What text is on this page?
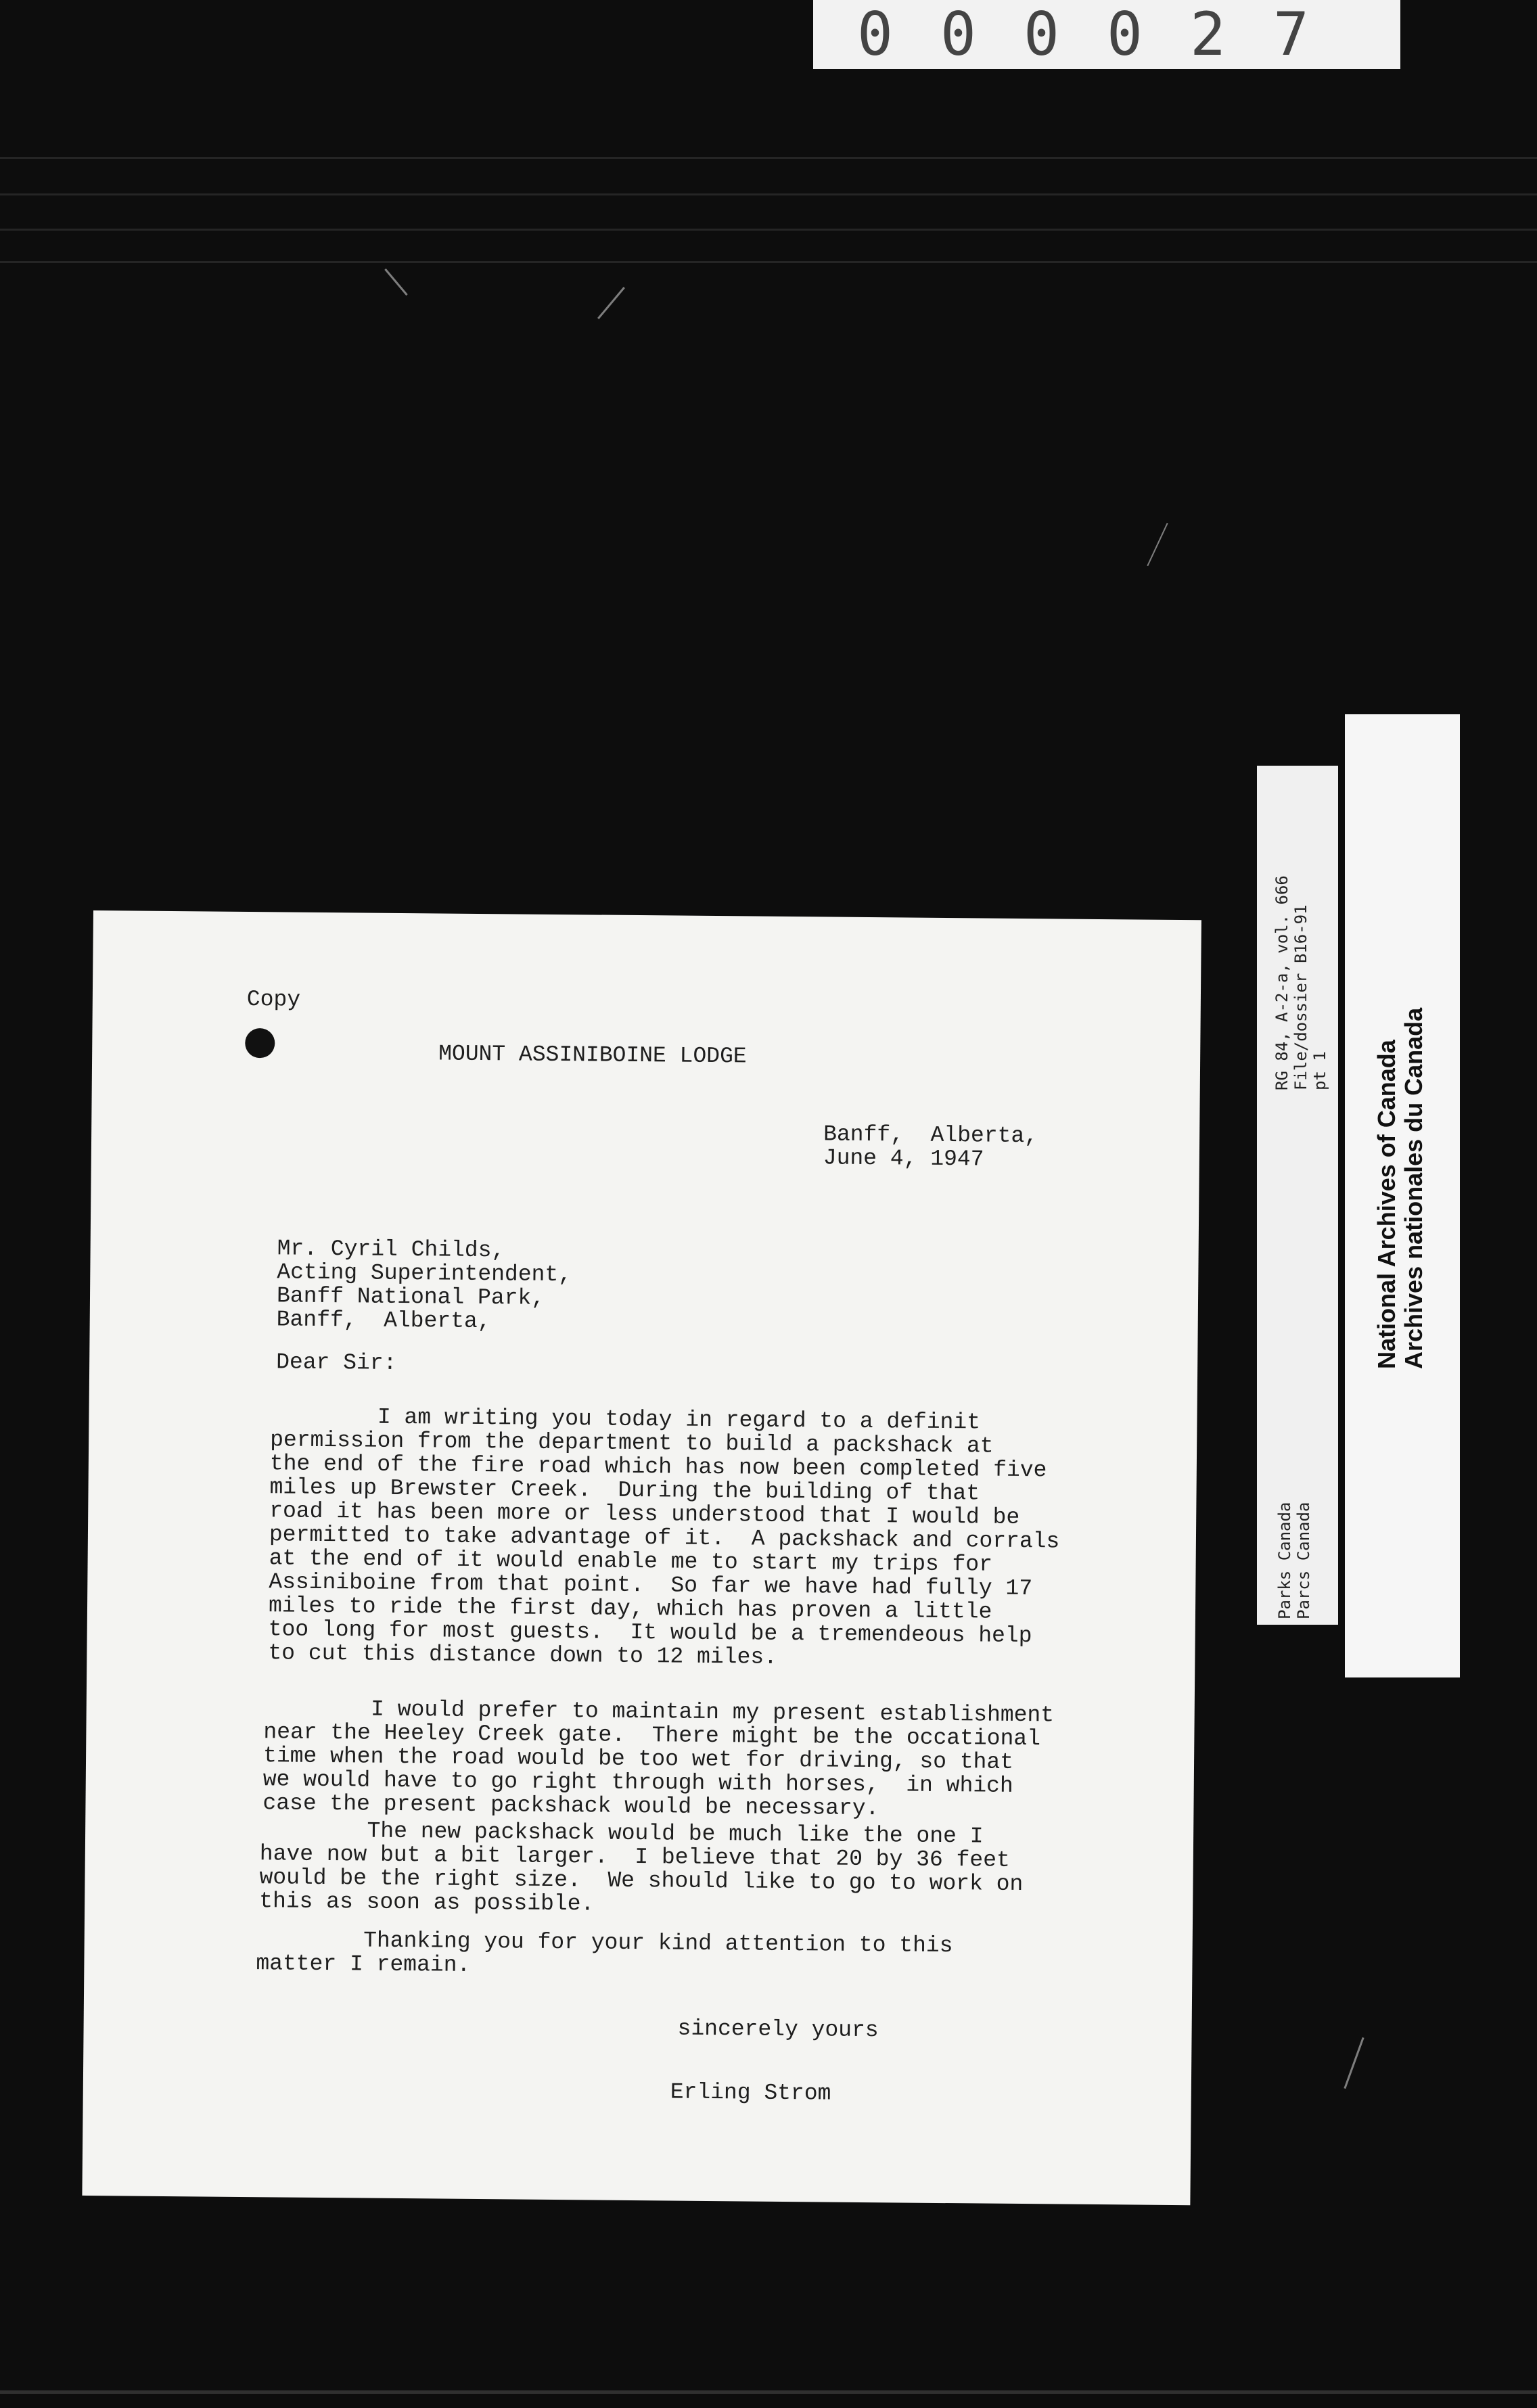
000027
Copy
MOUNT ASSINIBOINE LODGE
Banff,  Alberta,
June 4, 1947
Mr. Cyril Childs,
Acting Superintendent,
Banff National Park,
Banff,  Alberta,
Dear Sir:
I am writing you today in regard to a definit
permission from the department to build a packshack at
the end of the fire road which has now been completed five
miles up Brewster Creek.  During the building of that
road it has been more or less understood that I would be
permitted to take advantage of it.  A packshack and corrals
at the end of it would enable me to start my trips for
Assiniboine from that point.  So far we have had fully 17
miles to ride the first day, which has proven a little
too long for most guests.  It would be a tremendeous help
to cut this distance down to 12 miles.
I would prefer to maintain my present establishment
near the Heeley Creek gate.  There might be the occational
time when the road would be too wet for driving, so that
we would have to go right through with horses,  in which
case the present packshack would be necessary.
The new packshack would be much like the one I
have now but a bit larger.  I believe that 20 by 36 feet
would be the right size.  We should like to go to work on
this as soon as possible.
Thanking you for your kind attention to this
matter I remain.
sincerely yours
Erling Strom
RG 84, A-2-a, vol. 666 File/dossier B16-91 pt 1
Parks Canada Parcs Canada
National Archives of Canada Archives nationales du Canada
